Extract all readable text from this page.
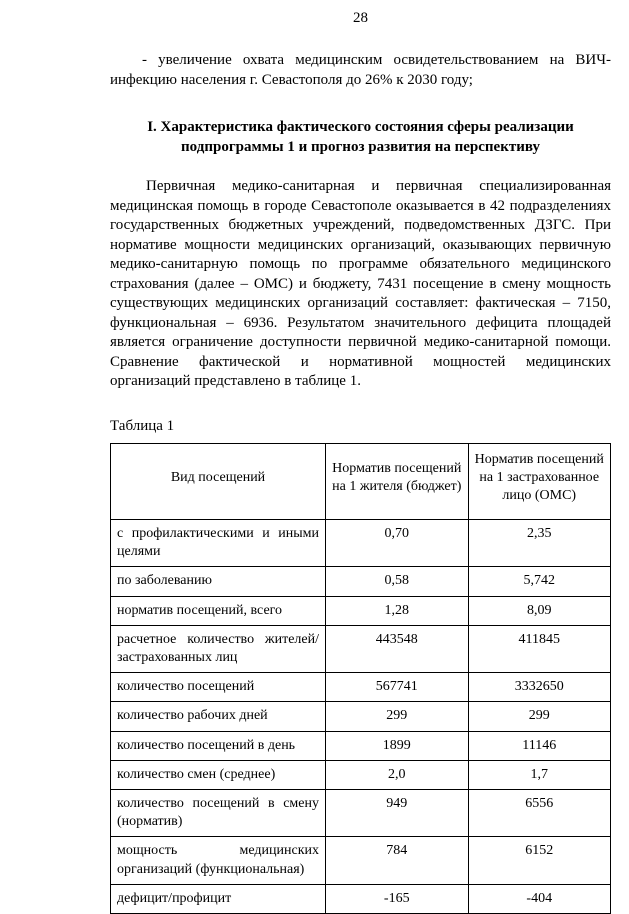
28

- увеличение охвата медицинским освидетельствованием на ВИЧ-инфекцию населения г. Севастополя до 26% к 2030 году;

I. Характеристика фактического состояния сферы реализации подпрограммы 1 и прогноз развития на перспективу

Первичная медико-санитарная и первичная специализированная медицинская помощь в городе Севастополе оказывается в 42 подразделениях государственных бюджетных учреждений, подведомственных ДЗГС. При нормативе мощности медицинских организаций, оказывающих первичную медико-санитарную помощь по программе обязательного медицинского страхования (далее – ОМС) и бюджету, 7431 посещение в смену мощность существующих медицинских организаций составляет: фактическая – 7150, функциональная – 6936. Результатом значительного дефицита площадей является ограничение доступности первичной медико-санитарной помощи. Сравнение фактической и нормативной мощностей медицинских организаций представлено в таблице 1.

Таблица 1

Вид посещений	Норматив посещений на 1 жителя (бюджет)	Норматив посещений на 1 застрахованное лицо (ОМС)
с профилактическими и иными целями	0,70	2,35
по заболеванию	0,58	5,742
норматив посещений, всего	1,28	8,09
расчетное количество жителей/застрахованных лиц	443548	411845
количество посещений	567741	3332650
количество рабочих дней	299	299
количество посещений в день	1899	11146
количество смен (среднее)	2,0	1,7
количество посещений в смену (норматив)	949	6556
мощность медицинских организаций (функциональная)	784	6152
дефицит/профицит	-165	-404
